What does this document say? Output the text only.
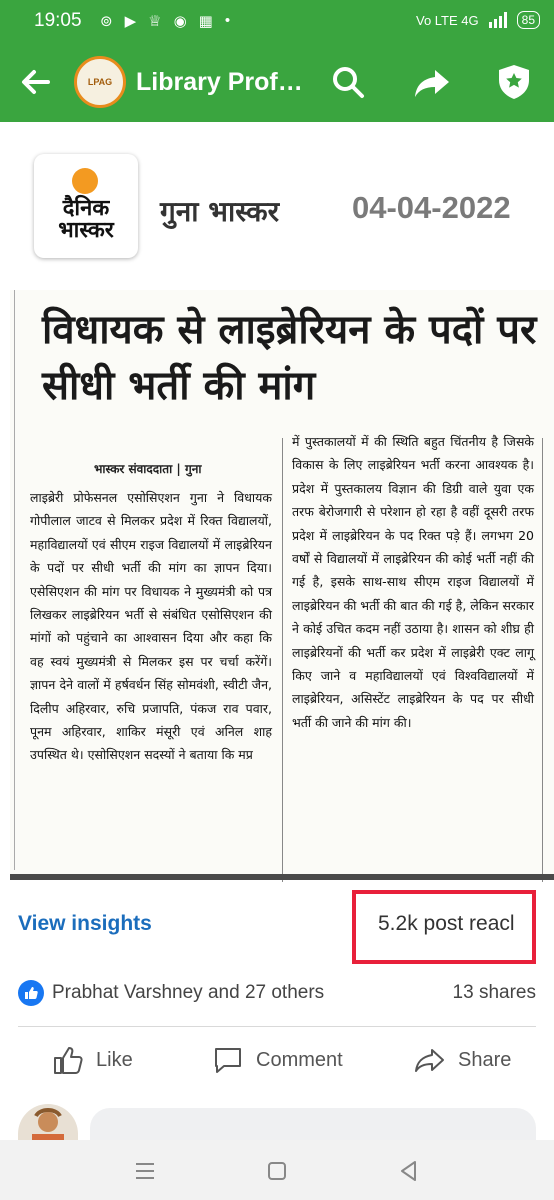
19:05 ⊚ ▶ ♕ ◉ ▦ •	Vo LTE 4G	85
LPAG Library Prof…
दैनिक
भास्कर
गुना भास्कर 04-04-2022
विधायक से लाइब्रेरियन के पदों पर सीधी भर्ती की मांग
भास्कर संवाददाता | गुना
लाइब्रेरी प्रोफेसनल एसोसिएशन गुना ने विधायक गोपीलाल जाटव से मिलकर प्रदेश में रिक्त विद्यालयों, महाविद्यालयों एवं सीएम राइज विद्यालयों में लाइब्रेरियन के पदों पर सीधी भर्ती की मांग का ज्ञापन दिया। एसेसिएशन की मांग पर विधायक ने मुख्यमंत्री को पत्र लिखकर लाइब्रेरियन भर्ती से संबंधित एसोसिएशन की मांगों को पहुंचाने का आश्वासन दिया और कहा कि वह स्वयं मुख्यमंत्री से मिलकर इस पर चर्चा करेंगें। ज्ञापन देने वालों में हर्षवर्धन सिंह सोमवंशी, स्वीटी जैन, दिलीप अहिरवार, रुचि प्रजापति, पंकज राव पवार, पूनम अहिरवार, शाकिर मंसूरी एवं अनिल शाह उपस्थित थे। एसोसिएशन सदस्यों ने बताया कि मप्र
में पुस्तकालयों में की स्थिति बहुत चिंतनीय है जिसके विकास के लिए लाइब्रेरियन भर्ती करना आवश्यक है। प्रदेश में पुस्तकालय विज्ञान की डिग्री वाले युवा एक तरफ बेरोजगारी से परेशान हो रहा है वहीं दूसरी तरफ प्रदेश में लाइब्रेरियन के पद रिक्त पड़े हैं। लगभग 20 वर्षों से विद्यालयों में लाइब्रेरियन की कोई भर्ती नहीं की गई है, इसके साथ-साथ सीएम राइज विद्यालयों में लाइब्रेरियन की भर्ती की बात की गई है, लेकिन सरकार ने कोई उचित कदम नहीं उठाया है। शासन को शीघ्र ही लाइब्रेरियनों की भर्ती कर प्रदेश में लाइब्रेरी एक्ट लागू किए जाने व महाविद्यालयों एवं विश्वविद्यालयों में लाइब्रेरियन, असिस्टेंट लाइब्रेरियन के पद पर सीधी भर्ती की जाने की मांग की।
View insights	5.2k post reacl
Prabhat Varshney and 27 others	13 shares
Like	Comment	Share
